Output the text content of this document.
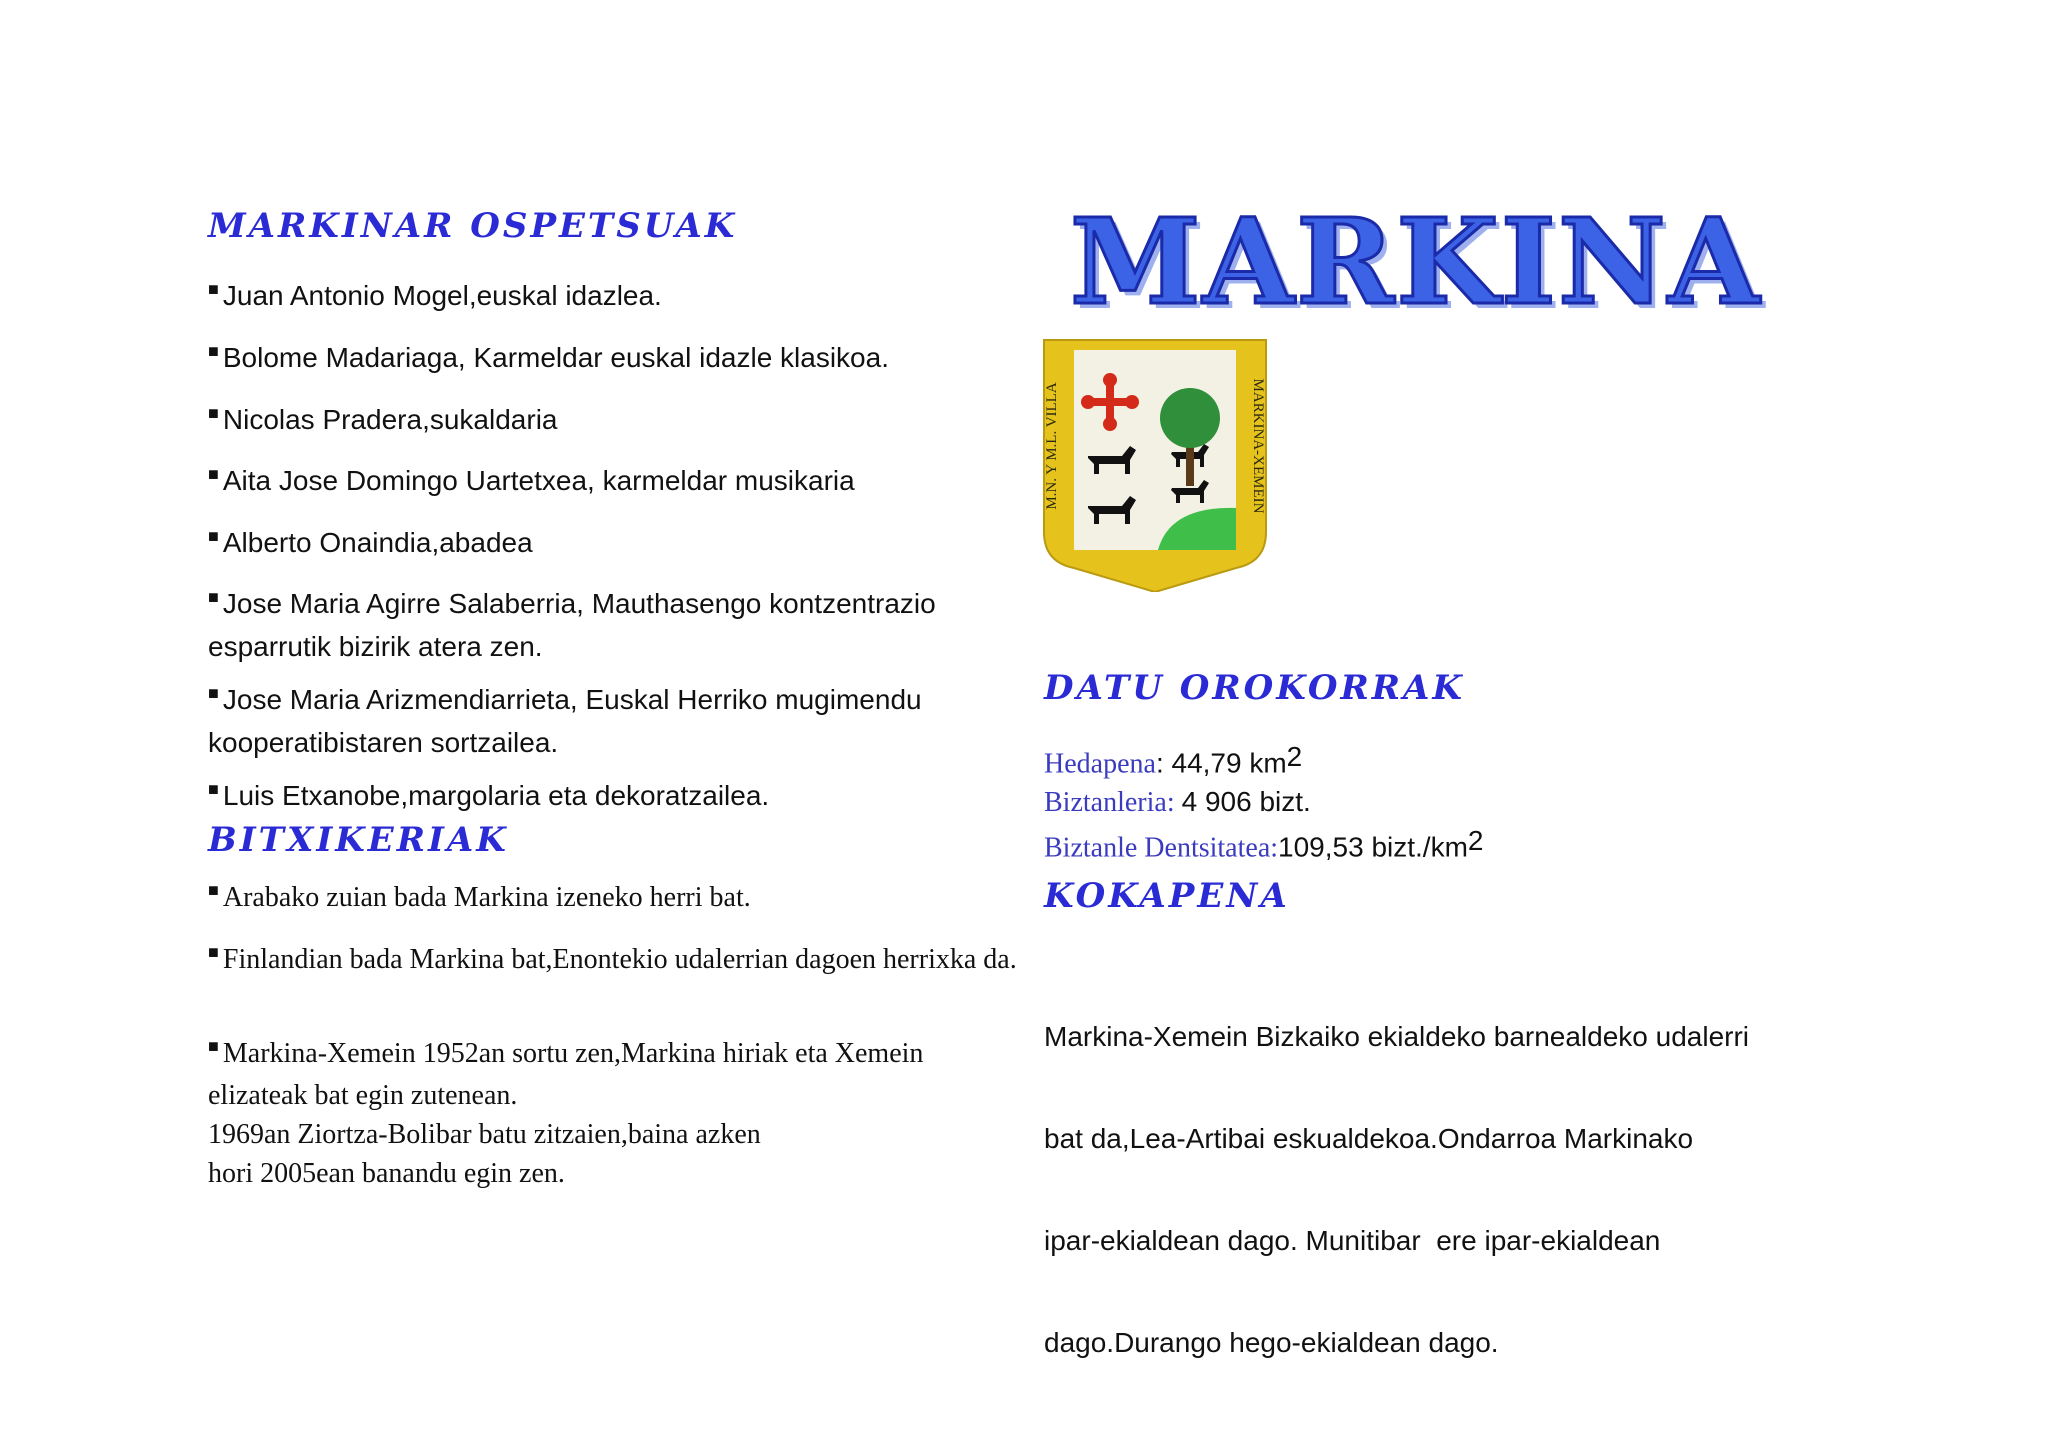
MARKINAR OSPETSUAK
■ Juan Antonio Mogel,euskal idazlea.
■ Bolome Madariaga, Karmeldar euskal idazle klasikoa.
■ Nicolas Pradera,sukaldaria
■ Aita Jose Domingo Uartetxea, karmeldar musikaria
■ Alberto Onaindia,abadea
■ Jose Maria Agirre Salaberria, Mauthasengo kontzentrazio esparrutik bizirik atera zen.
■ Jose Maria Arizmendiarrieta, Euskal Herriko mugimendu kooperatibistaren sortzailea.
■ Luis Etxanobe,margolaria eta dekoratzailea.
BITXIKERIAK
■ Arabako zuian bada Markina izeneko herri bat.
■ Finlandian bada Markina bat,Enontekio udalerrian dagoen herrixka da.
■ Markina-Xemein 1952an sortu zen,Markina hiriak eta Xemein elizateak bat egin zutenean.
1969an Ziortza-Bolibar batu zitzaien,baina azken
hori 2005ean banandu egin zen.
MARKINA
M.N. Y M.L. VILLA	MARKINA-XEMEIN
DATU OROKORRAK
Hedapena: 44,79 $km^2$
Biztanleria: 4 906 bizt.
Biztanle Dentsitatea:109,53 $bizt./km^2$
KOKAPENA

Markina-Xemein Bizkaiko ekialdeko barnealdeko udalerri

bat da,Lea-Artibai eskualdekoa.Ondarroa Markinako

ipar-ekialdean dago. Munitibar  ere ipar-ekialdean

dago.Durango hego-ekialdean dago.
